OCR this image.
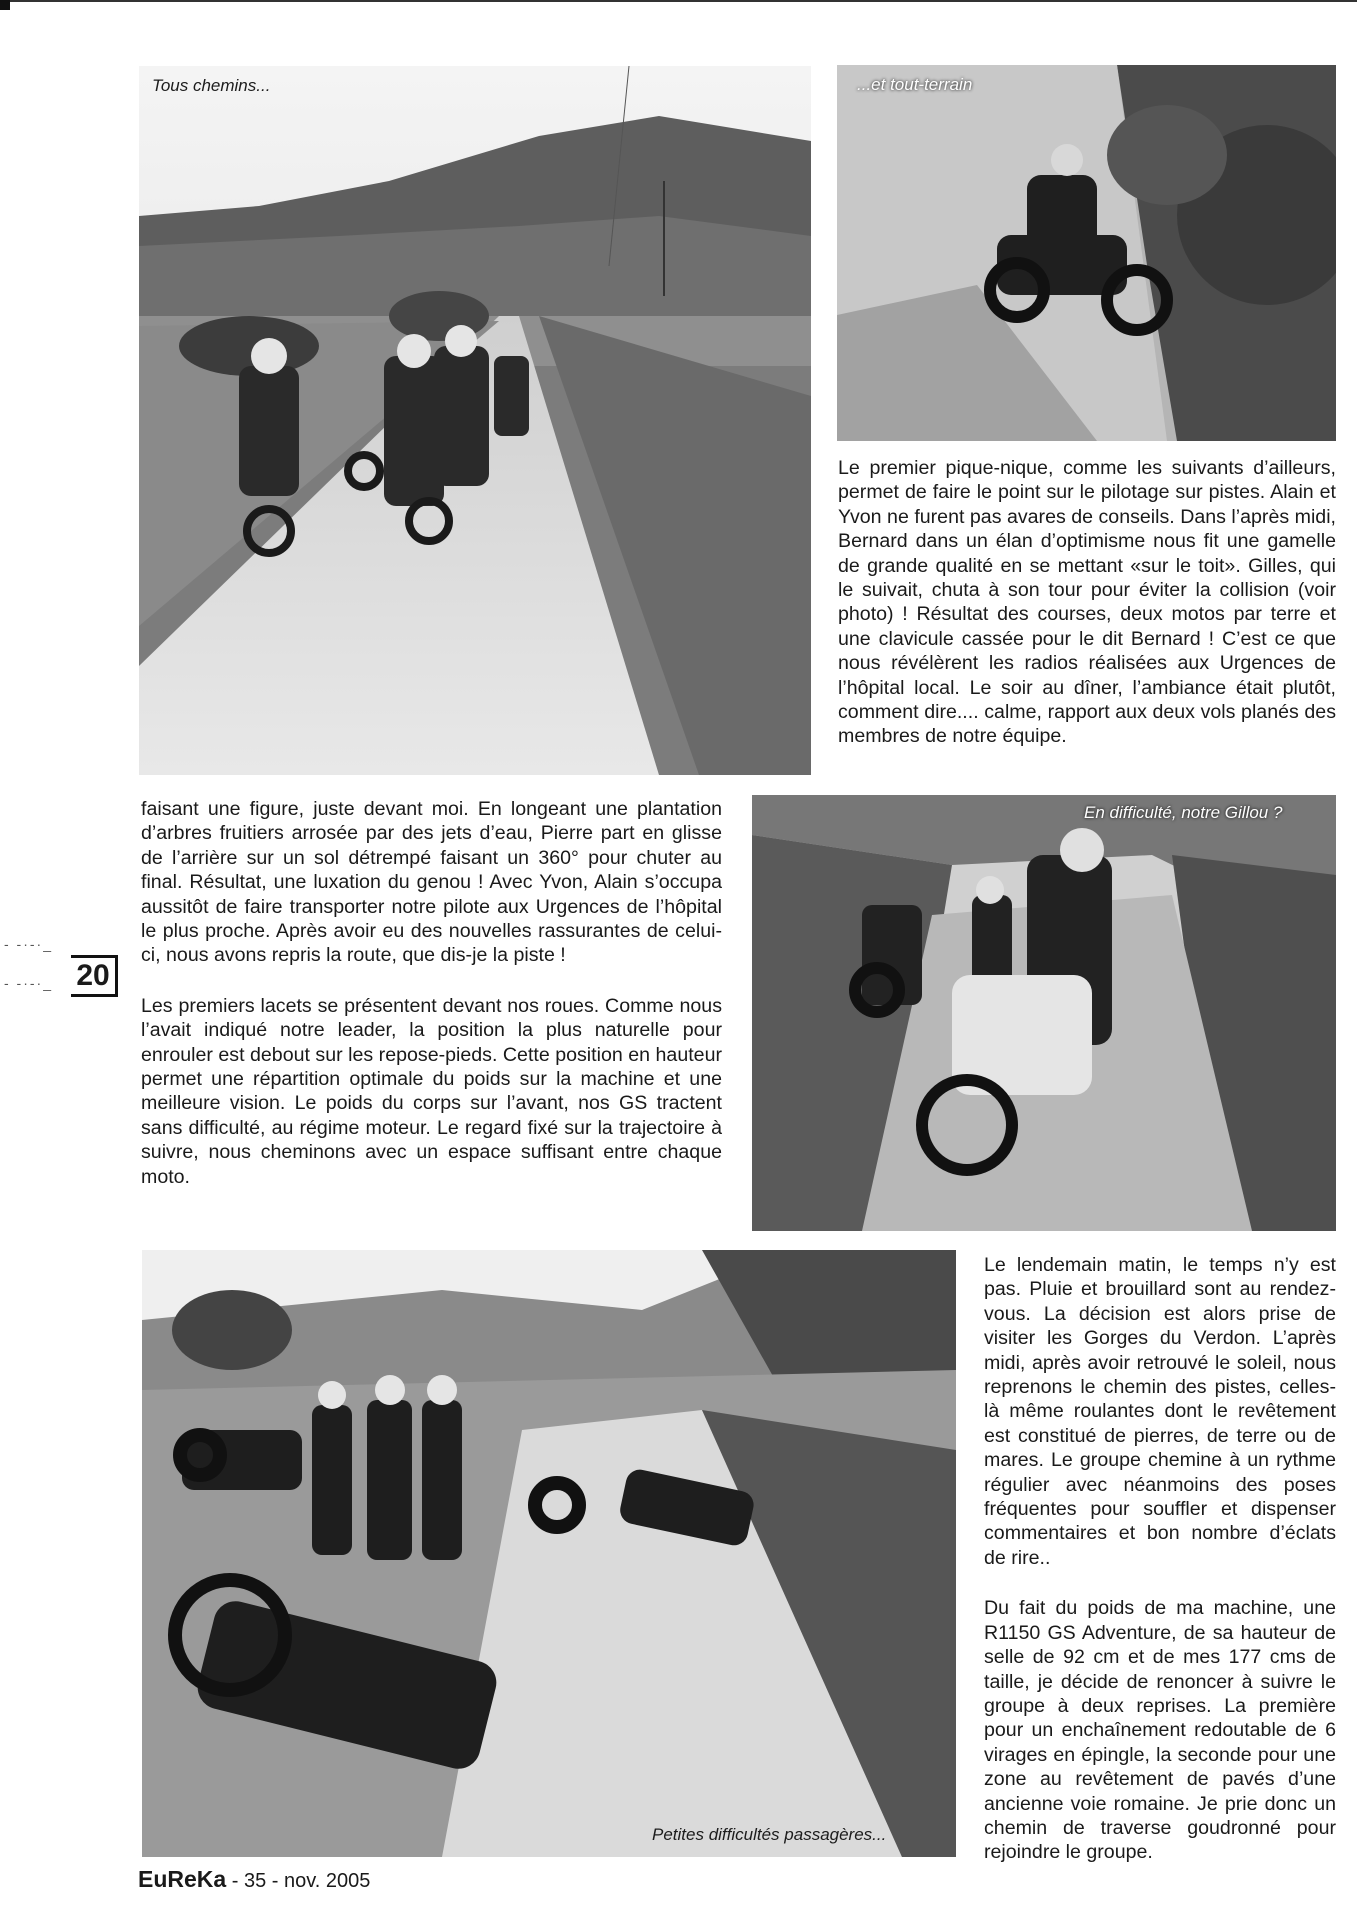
Tous chemins...	...et tout-terrain

Le premier pique-nique, comme les suivants d’ailleurs, permet de faire le point sur le pilotage sur pistes. Alain et Yvon ne furent pas avares de conseils. Dans l’après midi, Bernard dans un élan d’optimisme nous fit une gamelle de grande qualité en se mettant «sur le toit». Gilles, qui le suivait, chuta à son tour pour éviter la collision (voir photo) ! Résultat des courses, deux motos par terre et une clavicule cassée pour le dit Bernard ! C’est ce que nous révélèrent les radios réalisées aux Urgences de l’hôpital local. Le soir au dîner, l’ambiance était plutôt, comment dire.... calme, rapport aux deux vols planés des membres de notre équipe.

faisant une figure, juste devant moi. En longeant une plantation d’arbres fruitiers arrosée par des jets d’eau, Pierre part en glisse de l’arrière sur un sol détrempé faisant un 360° pour chuter au final. Résultat, une luxation du genou ! Avec Yvon, Alain s’occupa aussitôt de faire transporter notre pilote aux Urgences de l’hôpital le plus proche. Après avoir eu des nouvelles rassurantes de celui-ci, nous avons repris la route, que dis-je la piste !

Les premiers lacets se présentent devant nos roues. Comme nous l’avait indiqué notre leader, la position la plus naturelle pour enrouler est debout sur les repose-pieds. Cette position en hauteur permet une répartition optimale du poids sur la machine et une meilleure vision. Le poids du corps sur l’avant, nos GS tractent sans difficulté, au régime moteur. Le regard fixé sur la trajectoire à suivre, nous cheminons avec un espace suffisant entre chaque moto.

- -·-·_
- -·-·_ 20
En difficulté, notre Gillou ?
Petites difficultés passagères...

Le lendemain matin, le temps n’y est pas. Pluie et brouillard sont au rendez-vous. La décision est alors prise de visiter les Gorges du Verdon. L’après midi, après avoir retrouvé le soleil, nous reprenons le chemin des pistes, celles-là même roulantes dont le revêtement est constitué de pierres, de terre ou de mares. Le groupe chemine à un rythme régulier avec néanmoins des poses fréquentes pour souffler et dispenser commentaires et bon nombre d’éclats de rire..

Du fait du poids de ma machine, une R1150 GS Adventure, de sa hauteur de selle de 92 cm et de mes 177 cms de taille, je décide de renoncer à suivre le groupe à deux reprises. La première pour un enchaînement redoutable de 6 virages en épingle, la seconde pour une zone au revêtement de pavés d’une ancienne voie romaine. Je prie donc un chemin de traverse goudronné pour rejoindre le groupe.

EuReKa - 35 - nov. 2005
